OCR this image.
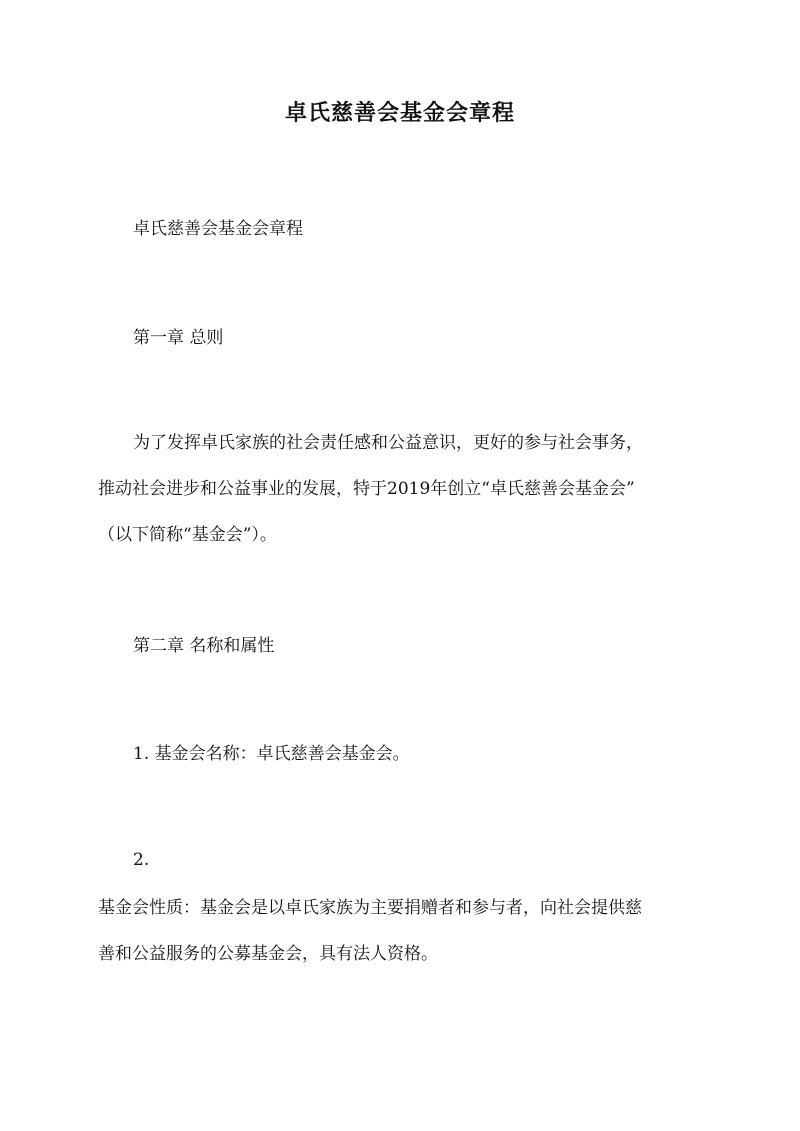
卓氏慈善会基金会章程
卓氏慈善会基金会章程
第一章 总则
为了发挥卓氏家族的社会责任感和公益意识，更好的参与社会事务，
推动社会进步和公益事业的发展，特于2019年创立“卓氏慈善会基金会”
（以下简称“基金会”）。
第二章 名称和属性
1. 基金会名称：卓氏慈善会基金会。
2.
基金会性质：基金会是以卓氏家族为主要捐赠者和参与者，向社会提供慈
善和公益服务的公募基金会，具有法人资格。
